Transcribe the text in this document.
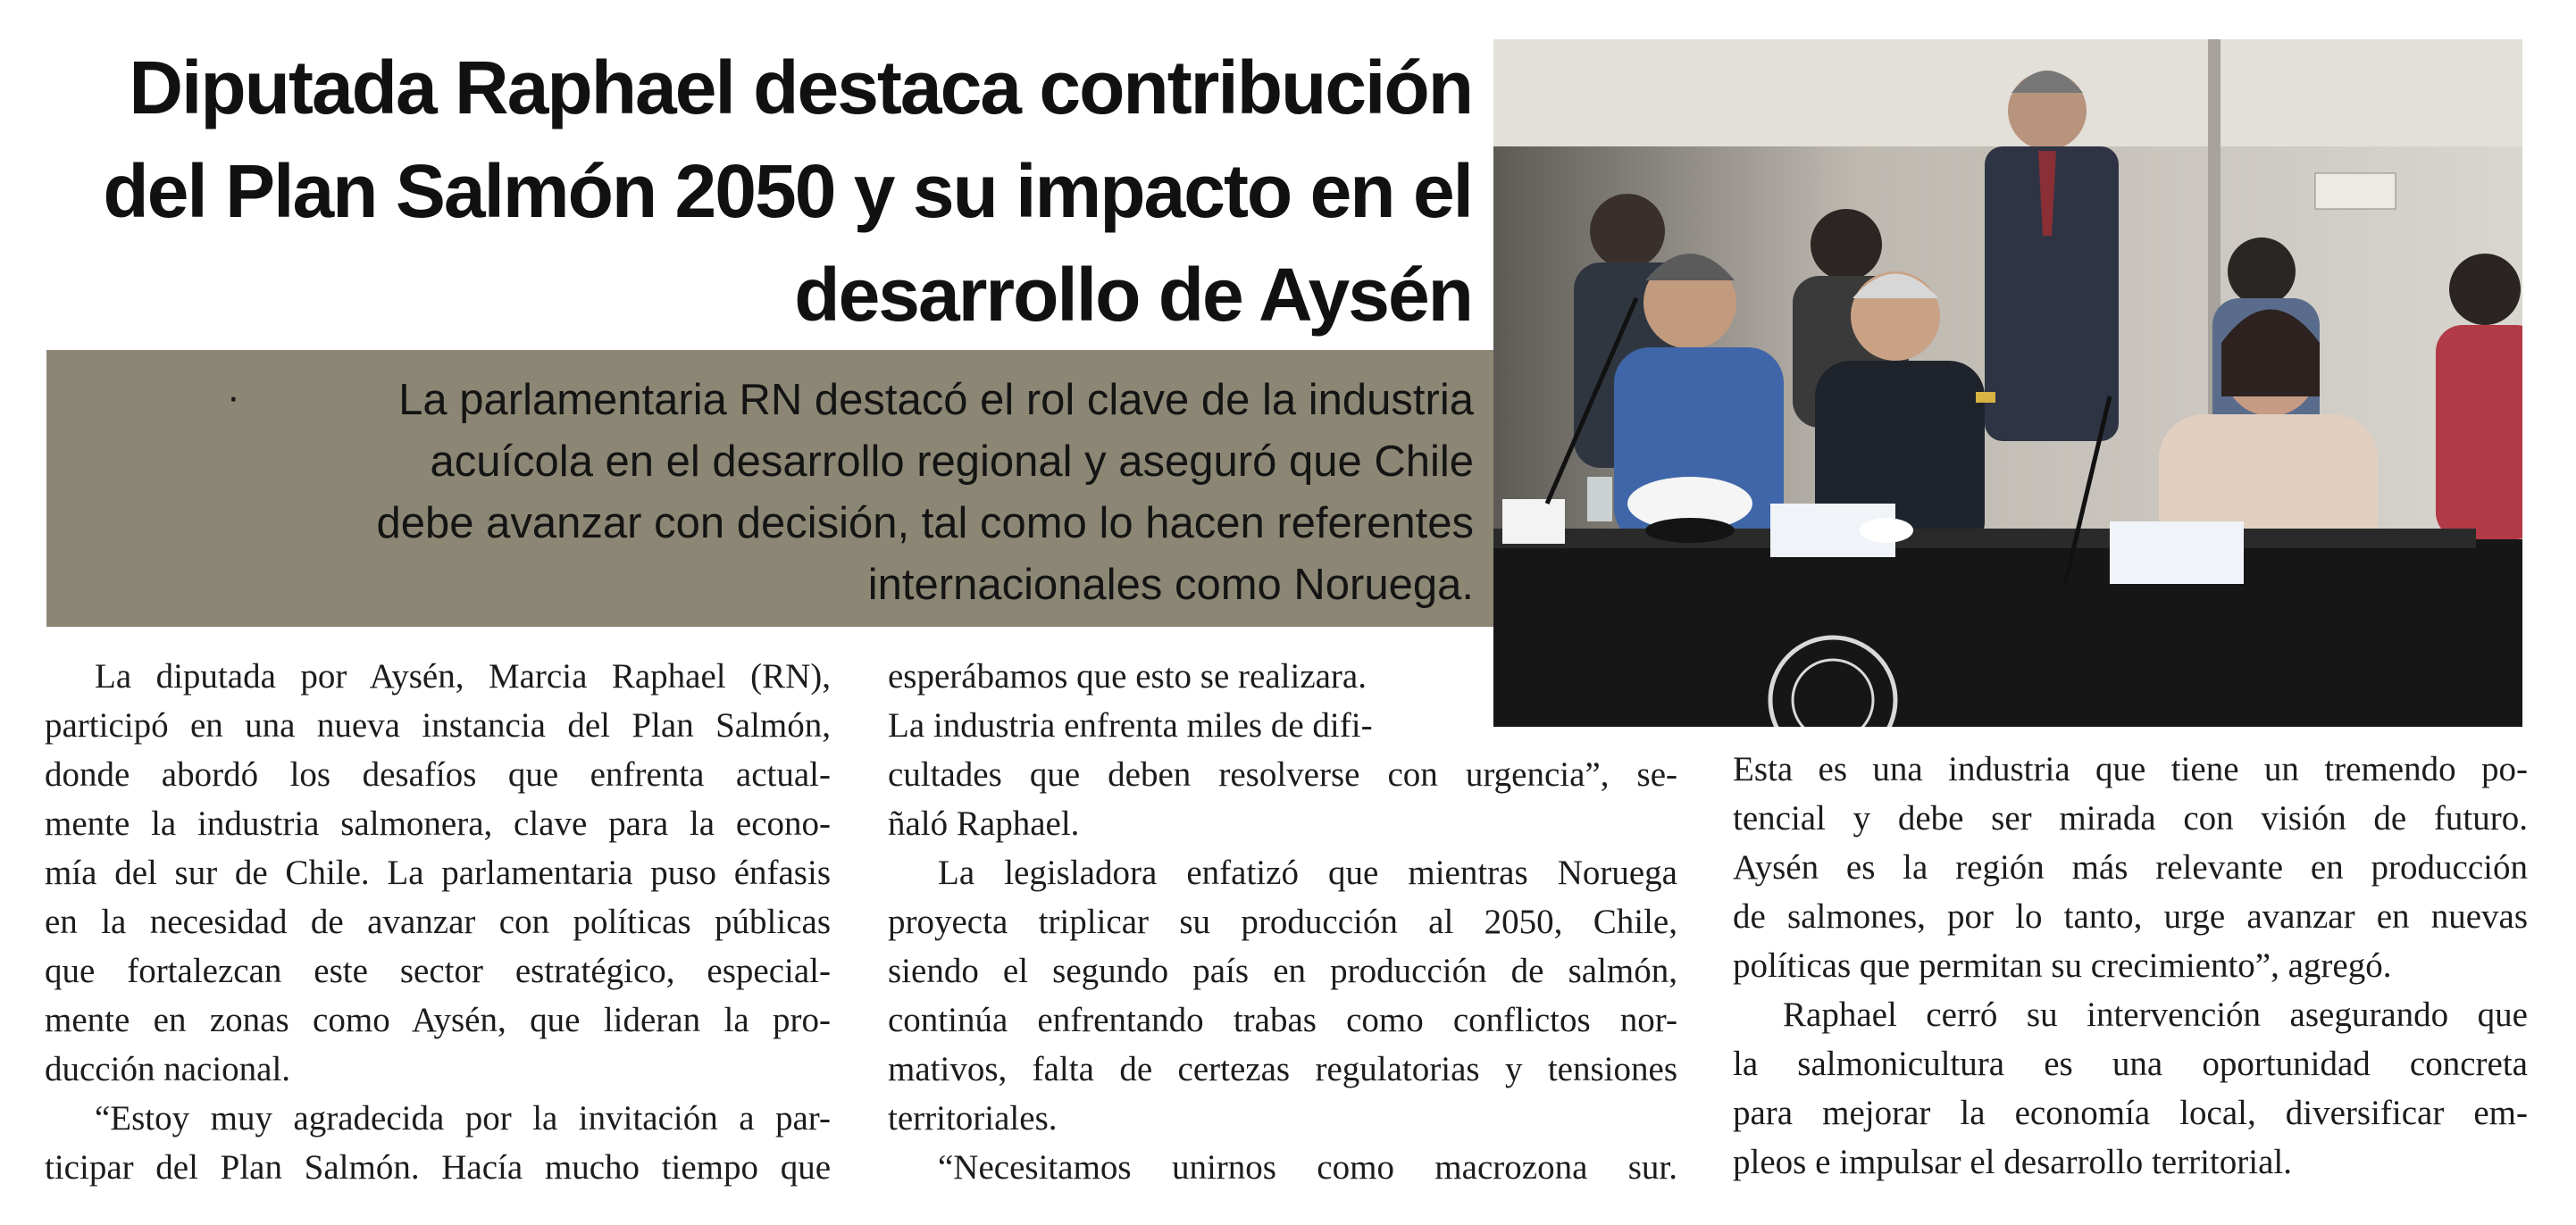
Diputada Raphael destaca contribución
del Plan Salmón 2050 y su impacto en el
desarrollo de Aysén
·	La parlamentaria RN destacó el rol clave de la industria
acuícola en el desarrollo regional y aseguró que Chile
debe avanzar con decisión, tal como lo hacen referentes
internacionales como Noruega.

La diputada por Aysén, Marcia Raphael (RN),
participó en una nueva instancia del Plan Salmón,
donde abordó los desafíos que enfrenta actual-
mente la industria salmonera, clave para la econo-
mía del sur de Chile. La parlamentaria puso énfasis
en la necesidad de avanzar con políticas públicas
que fortalezcan este sector estratégico, especial-
mente en zonas como Aysén, que lideran la pro-
ducción nacional.

“Estoy muy agradecida por la invitación a par-
ticipar del Plan Salmón. Hacía mucho tiempo que

esperábamos que esto se realizara.
La industria enfrenta miles de difi-
cultades que deben resolverse con urgencia”, se-
ñaló Raphael.

La legisladora enfatizó que mientras Noruega
proyecta triplicar su producción al 2050, Chile,
siendo el segundo país en producción de salmón,
continúa enfrentando trabas como conflictos nor-
mativos, falta de certezas regulatorias y tensiones
territoriales.

“Necesitamos unirnos como macrozona sur.

Esta es una industria que tiene un tremendo po-
tencial y debe ser mirada con visión de futuro.
Aysén es la región más relevante en producción
de salmones, por lo tanto, urge avanzar en nuevas
políticas que permitan su crecimiento”, agregó.

Raphael cerró su intervención asegurando que
la salmonicultura es una oportunidad concreta
para mejorar la economía local, diversificar em-
pleos e impulsar el desarrollo territorial.
